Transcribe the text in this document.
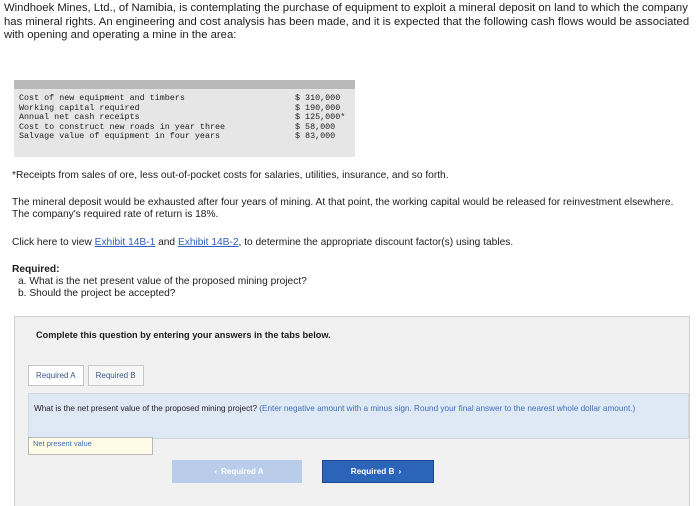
Windhoek Mines, Ltd., of Namibia, is contemplating the purchase of equipment to exploit a mineral deposit on land to which the company has mineral rights. An engineering and cost analysis has been made, and it is expected that the following cash flows would be associated with opening and operating a mine in the area:
Cost of new equipment and timbers	$ 310,000
Working capital required	$ 190,000
Annual net cash receipts	$ 125,000*
Cost to construct new roads in year three	$ 58,000
Salvage value of equipment in four years	$ 83,000
*Receipts from sales of ore, less out-of-pocket costs for salaries, utilities, insurance, and so forth.
The mineral deposit would be exhausted after four years of mining. At that point, the working capital would be released for reinvestment elsewhere. The company's required rate of return is 18%.
Click here to view Exhibit 14B-1 and Exhibit 14B-2, to determine the appropriate discount factor(s) using tables.
Required:
a. What is the net present value of the proposed mining project?
b. Should the project be accepted?
Complete this question by entering your answers in the tabs below.
Required A	Required B
What is the net present value of the proposed mining project? (Enter negative amount with a minus sign. Round your final answer to the nearest whole dollar amount.)
Net present value
‹ Required A	Required B ›
